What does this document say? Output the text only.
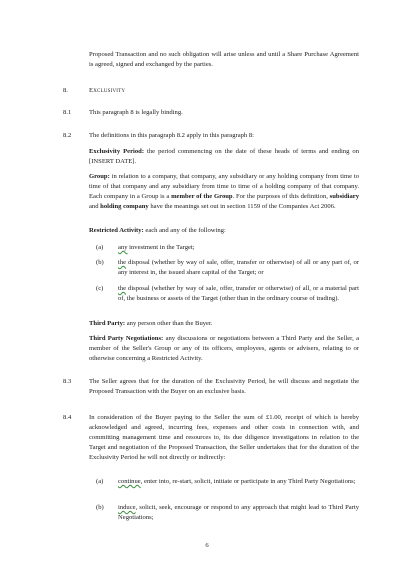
Proposed Transaction and no such obligation will arise unless and until a Share Purchase Agreement is agreed, signed and exchanged by the parties.
8.	Exclusivity
8.1	This paragraph 8 is legally binding.
8.2	The definitions in this paragraph 8.2 apply in this paragraph 8:
Exclusivity Period: the period commencing on the date of these heads of terms and ending on [INSERT DATE].
Group: in relation to a company, that company, any subsidiary or any holding company from time to time of that company and any subsidiary from time to time of a holding company of that company. Each company in a Group is a member of the Group. For the purposes of this definition, subsidiary and holding company have the meanings set out in section 1159 of the Companies Act 2006.
Restricted Activity: each and any of the following:
(a) any investment in the Target;
(b) the disposal (whether by way of sale, offer, transfer or otherwise) of all or any part of, or any interest in, the issued share capital of the Target; or
(c) the disposal (whether by way of sale, offer, transfer or otherwise) of all, or a material part of, the business or assets of the Target (other than in the ordinary course of trading).
Third Party: any person other than the Buyer.
Third Party Negotiations: any discussions or negotiations between a Third Party and the Seller, a member of the Seller's Group or any of its officers, employees, agents or advisers, relating to or otherwise concerning a Restricted Activity.
8.3	The Seller agrees that for the duration of the Exclusivity Period, he will discuss and negotiate the Proposed Transaction with the Buyer on an exclusive basis.
8.4	In consideration of the Buyer paying to the Seller the sum of £1.00, receipt of which is hereby acknowledged and agreed, incurring fees, expenses and other costs in connection with, and committing management time and resources to, its due diligence investigations in relation to the Target and negotiation of the Proposed Transaction, the Seller undertakes that for the duration of the Exclusivity Period he will not directly or indirectly:
(a) continue, enter into, re-start, solicit, initiate or participate in any Third Party Negotiations;
(b) induce, solicit, seek, encourage or respond to any approach that might lead to Third Party Negotiations;
6
